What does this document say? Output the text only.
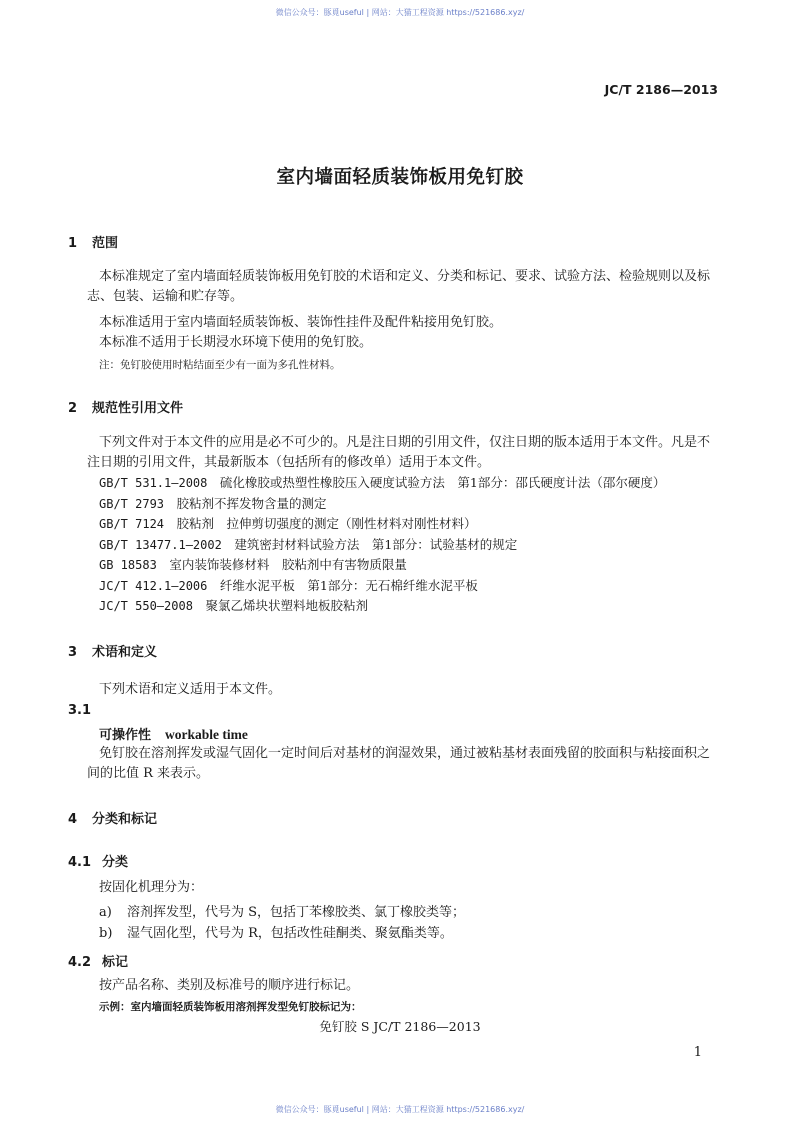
微信公众号：豚覓useful | 网站：大猫工程资源 https://521686.xyz/
JC/T 2186—2013
室内墙面轻质装饰板用免钉胶
1 范围
本标准规定了室内墙面轻质装饰板用免钉胶的术语和定义、分类和标记、要求、试验方法、检验规则以及标志、包装、运输和贮存等。
本标准适用于室内墙面轻质装饰板、装饰性挂件及配件粘接用免钉胶。
本标准不适用于长期浸水环境下使用的免钉胶。
注：免钉胶使用时粘结面至少有一面为多孔性材料。
2 规范性引用文件
下列文件对于本文件的应用是必不可少的。凡是注日期的引用文件，仅注日期的版本适用于本文件。凡是不注日期的引用文件，其最新版本（包括所有的修改单）适用于本文件。
GB/T 531.1—2008　 硫化橡胶或热塑性橡胶压入硬度试验方法　第1部分：邵氏硬度计法（邵尔硬度）
GB/T 2793　 胶粘剂不挥发物含量的测定
GB/T 7124　 胶粘剂　拉伸剪切强度的测定（刚性材料对刚性材料）
GB/T 13477.1—2002　 建筑密封材料试验方法　第1部分：试验基材的规定
GB 18583　 室内装饰装修材料　胶粘剂中有害物质限量
JC/T 412.1—2006　 纤维水泥平板　第1部分：无石棉纤维水泥平板
JC/T 550—2008　 聚氯乙烯块状塑料地板胶粘剂
3 术语和定义
下列术语和定义适用于本文件。
3.1
可操作性 workable time
免钉胶在溶剂挥发或湿气固化一定时间后对基材的润湿效果，通过被粘基材表面残留的胶面积与粘接面积之间的比值 R 来表示。
4 分类和标记
4.1 分类
按固化机理分为：
a) 溶剂挥发型，代号为 S，包括丁苯橡胶类、氯丁橡胶类等；
b) 湿气固化型，代号为 R，包括改性硅酮类、聚氨酯类等。
4.2 标记
按产品名称、类别及标准号的顺序进行标记。
示例：室内墙面轻质装饰板用溶剂挥发型免钉胶标记为：
免钉胶 S JC/T 2186—2013
1
微信公众号：豚覓useful | 网站：大猫工程资源 https://521686.xyz/
